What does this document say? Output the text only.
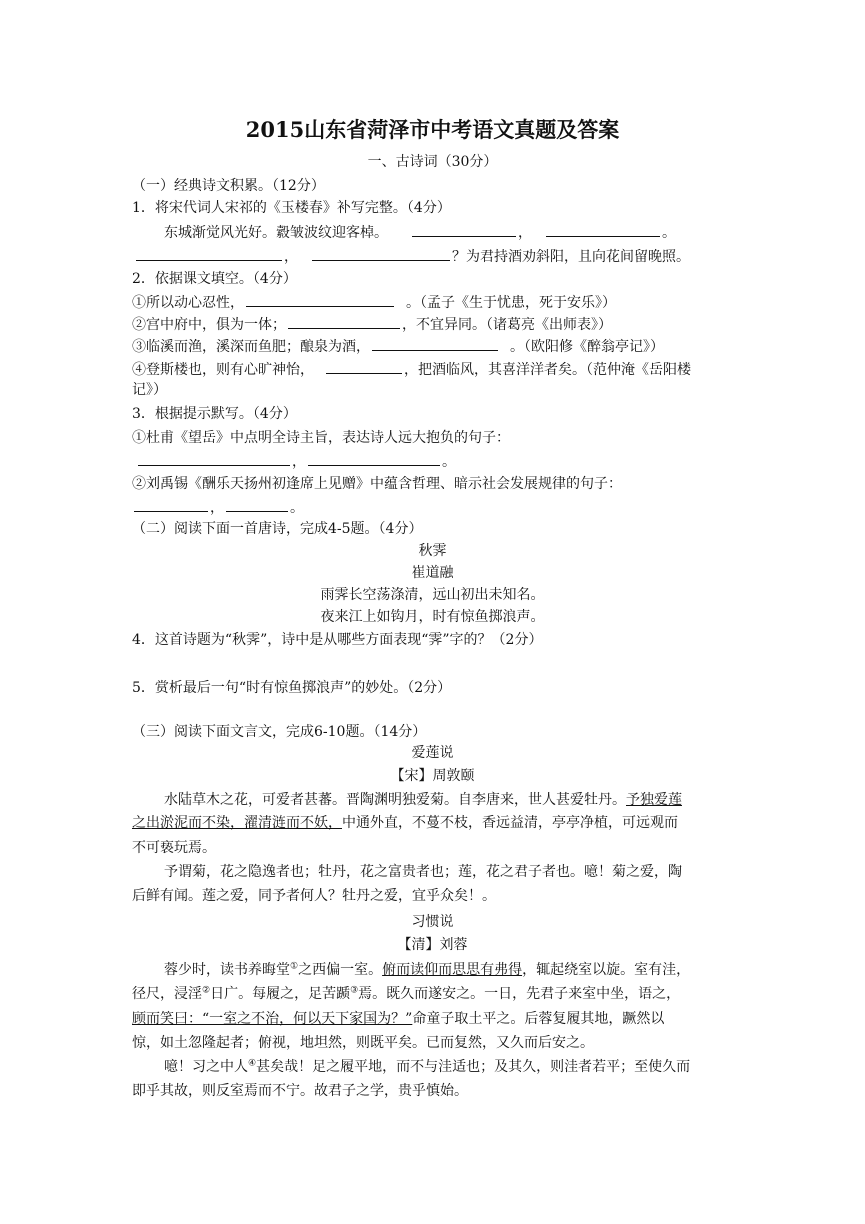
2015山东省菏泽市中考语文真题及答案
一、古诗词（30分）
（一）经典诗文积累。（12分）
1．将宋代词人宋祁的《玉楼春》补写完整。（4分）
东城渐觉风光好。縠皱波纹迎客棹。	，	。
，	？为君持酒劝斜阳，且向花间留晚照。
2．依据课文填空。（4分）
①所以动心忍性，	。（孟子《生于忧患，死于安乐》）
②宫中府中，俱为一体；	，不宜异同。（诸葛亮《出师表》）
③临溪而渔，溪深而鱼肥；酿泉为酒，	。（欧阳修《醉翁亭记》）
④登斯楼也，则有心旷神怡，	，把酒临风，其喜洋洋者矣。（范仲淹《岳阳楼
记》）
3．根据提示默写。（4分）
①杜甫《望岳》中点明全诗主旨，表达诗人远大抱负的句子：
，	。
②刘禹锡《酬乐天扬州初逢席上见赠》中蕴含哲理、暗示社会发展规律的句子：
，	。
（二）阅读下面一首唐诗，完成4-5题。（4分）
秋霁
崔道融
雨霁长空荡涤清，远山初出未知名。
夜来江上如钩月，时有惊鱼掷浪声。
4．这首诗题为“秋霁”，诗中是从哪些方面表现“霁”字的？（2分）
5．赏析最后一句“时有惊鱼掷浪声”的妙处。（2分）
（三）阅读下面文言文，完成6-10题。（14分）
爱莲说
【宋】周敦颐
水陆草木之花，可爱者甚蕃。晋陶渊明独爱菊。自李唐来，世人甚爱牡丹。予独爱莲
之出淤泥而不染，濯清涟而不妖，中通外直，不蔓不枝，香远益清，亭亭净植，可远观而
不可亵玩焉。
予谓菊，花之隐逸者也；牡丹，花之富贵者也；莲，花之君子者也。噫！菊之爱，陶
后鲜有闻。莲之爱，同予者何人？牡丹之爱，宜乎众矣！。
习惯说
【清】刘蓉
蓉少时，读书养晦堂①之西偏一室。俯而读仰而思思有弗得，辄起绕室以旋。室有洼，
径尺，浸淫②日广。每履之，足苦踬③焉。既久而遂安之。一日，先君子来室中坐，语之，
顾而笑曰：“一室之不治，何以天下家国为？”命童子取土平之。后蓉复履其地，蹶然以
惊，如土忽隆起者；俯视，地坦然，则既平矣。已而复然，又久而后安之。
噫！习之中人④甚矣哉！足之履平地，而不与洼适也；及其久，则洼者若平；至使久而
即乎其故，则反室焉而不宁。故君子之学，贵乎慎始。
